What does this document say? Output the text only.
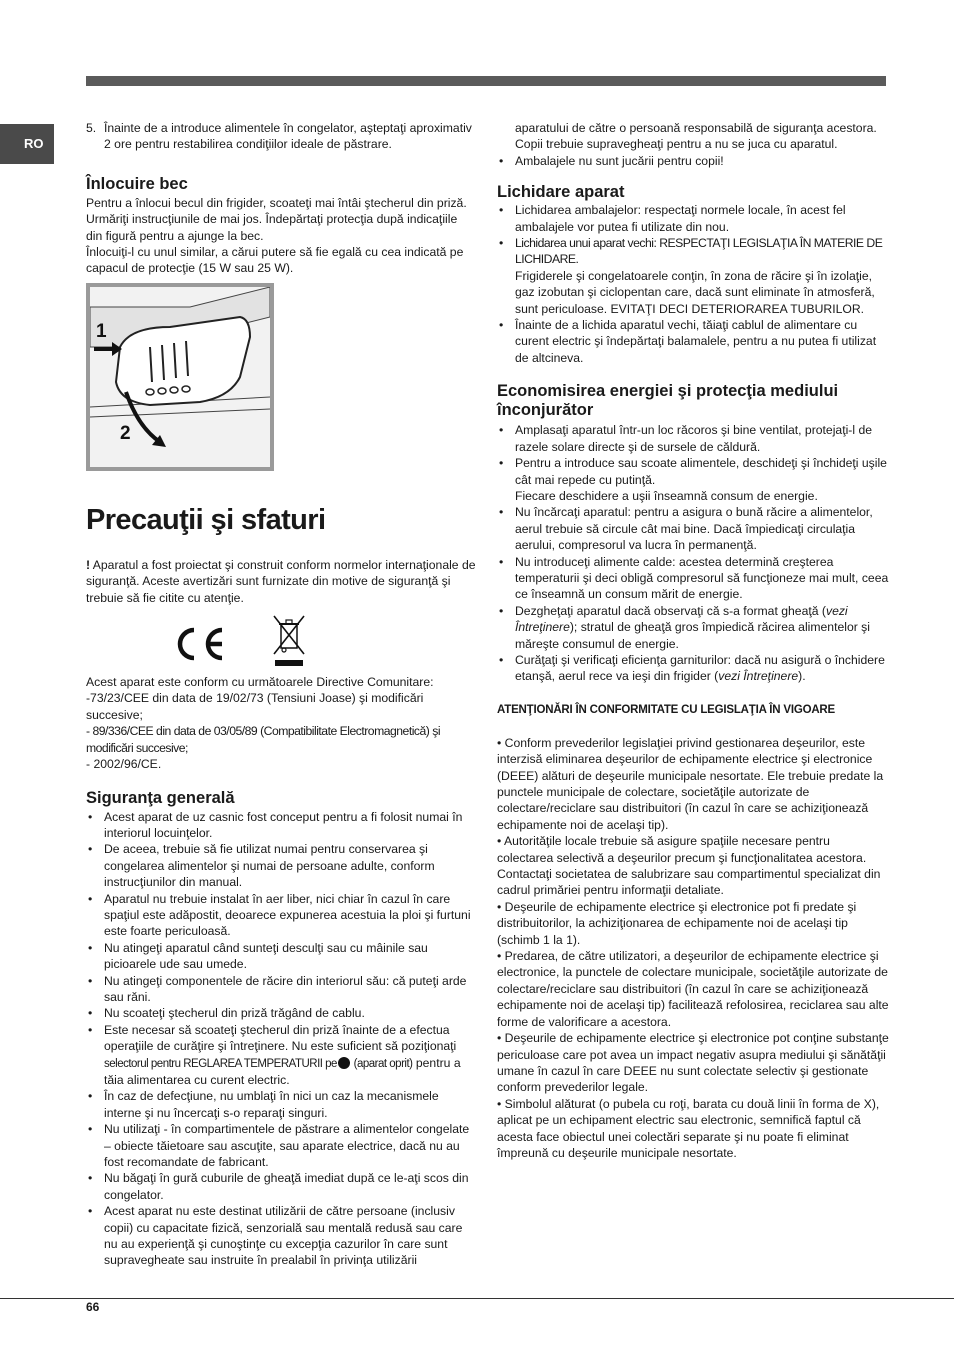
RO

5. Înainte de a introduce alimentele în congelator, aşteptaţi aproximativ 2 ore pentru restabilirea condiţiilor ideale de păstrare.

Înlocuire bec

Pentru a înlocui becul din frigider, scoateţi mai întâi ştecherul din priză. Urmăriţi instrucţiunile de mai jos. Îndepărtaţi protecţia după indicaţiile din figură pentru a ajunge la bec.

Înlocuiţi-l cu unul similar, a cărui putere să fie egală cu cea indicată pe capacul de protecţie (15 W sau 25 W).

1
2
Precauţii şi sfaturi

! Aparatul a fost proiectat şi construit conform normelor internaţionale de siguranţă. Aceste avertizări sunt furnizate din motive de siguranţă şi trebuie să fie citite cu atenţie.

Acest aparat este conform cu următoarele Directive Comunitare:

-73/23/CEE din data de 19/02/73 (Tensiuni Joase) şi modificări succesive;

- 89/336/CEE din data de 03/05/89 (Compatibilitate Electromagnetică) şi modificări succesive;

- 2002/96/CE.

Siguranţa generală
• Acest aparat de uz casnic fost conceput pentru a fi folosit numai în interiorul locuinţelor.
• De aceea, trebuie să fie utilizat numai pentru conservarea şi congelarea alimentelor şi numai de persoane adulte, conform instrucţiunilor din manual.
• Aparatul nu trebuie instalat în aer liber, nici chiar în cazul în care spaţiul este adăpostit, deoarece expunerea acestuia la ploi şi furtuni este foarte periculoasă.
• Nu atingeţi aparatul când sunteţi desculţi sau cu mâinile sau picioarele ude sau umede.
• Nu atingeţi componentele de răcire din interiorul său: că puteţi arde sau răni.
• Nu scoateţi ştecherul din priză trăgând de cablu.
• Este necesar să scoateţi ştecherul din priză înainte de a efectua operaţiile de curăţire şi întreţinere. Nu este suficient să poziţionaţi selectorul pentru REGLAREA TEMPERATURII pe (aparat oprit) pentru a tăia alimentarea cu curent electric.
• În caz de defecţiune, nu umblaţi în nici un caz la mecanismele interne şi nu încercaţi s-o reparaţi singuri.
• Nu utilizaţi - în compartimentele de păstrare a alimentelor congelate – obiecte tăietoare sau ascuţite, sau aparate electrice, dacă nu au fost recomandate de fabricant.
• Nu băgaţi în gură cuburile de gheaţă imediat după ce le-aţi scos din congelator.
• Acest aparat nu este destinat utilizării de către persoane (inclusiv copii) cu capacitate fizică, senzorială sau mentală redusă sau care nu au experienţă şi cunoştinţe cu excepţia cazurilor în care sunt supravegheate sau instruite în prealabil în privinţa utilizării

aparatului de către o persoană responsabilă de siguranţa acestora. Copii trebuie supravegheaţi pentru a nu se juca cu aparatul.

• Ambalajele nu sunt jucării pentru copii!
Lichidare aparat
• Lichidarea ambalajelor: respectaţi normele locale, în acest fel ambalajele vor putea fi utilizate din nou.
• Lichidarea unui aparat vechi: RESPECTAŢI LEGISLAŢIA ÎN MATERIE DE LICHIDARE.
Frigiderele şi congelatoarele conţin, în zona de răcire şi în izolaţie, gaz izobutan şi ciclopentan care, dacă sunt eliminate în atmosferă, sunt periculoase. EVITAŢI DECI DETERIORAREA TUBURILOR.
• Înainte de a lichida aparatul vechi, tăiaţi cablul de alimentare cu curent electric şi îndepărtaţi balamalele, pentru a nu putea fi utilizat de altcineva.
Economisirea energiei şi protecţia mediului înconjurător
• Amplasaţi aparatul într-un loc răcoros şi bine ventilat, protejaţi-l de razele solare directe şi de sursele de căldură.
• Pentru a introduce sau scoate alimentele, deschideţi şi închideţi uşile cât mai repede cu putinţă.
Fiecare deschidere a uşii înseamnă consum de energie.
• Nu încărcaţi aparatul: pentru a asigura o bună răcire a alimentelor, aerul trebuie să circule cât mai bine. Dacă împiedicaţi circulaţia aerului, compresorul va lucra în permanenţă.
• Nu introduceţi alimente calde: acestea determină creşterea temperaturii şi deci obligă compresorul să funcţioneze mai mult, ceea ce înseamnă un consum mărit de energie.
• Dezgheţaţi aparatul dacă observaţi că s-a format gheaţă (vezi Întreţinere); stratul de gheaţă gros împiedică răcirea alimentelor şi măreşte consumul de energie.
• Curăţaţi şi verificaţi eficienţa garniturilor: dacă nu asigură o închidere etanşă, aerul rece va ieşi din frigider (vezi Întreţinere).
ATENŢIONĂRI ÎN CONFORMITATE CU LEGISLAŢIA ÎN VIGOARE

• Conform prevederilor legislaţiei privind gestionarea deşeurilor, este interzisă eliminarea deşeurilor de echipamente electrice şi electronice (DEEE) alături de deşeurile municipale nesortate. Ele trebuie predate la punctele municipale de colectare, societăţile autorizate de colectare/reciclare sau distribuitori (în cazul în care se achiziţionează echipamente noi de acelaşi tip).

• Autorităţile locale trebuie să asigure spaţiile necesare pentru colectarea selectivă a deşeurilor precum şi funcţionalitatea acestora. Contactaţi societatea de salubrizare sau compartimentul specializat din cadrul primăriei pentru informaţii detaliate.

• Deşeurile de echipamente electrice şi electronice pot fi predate şi distribuitorilor, la achiziţionarea de echipamente noi de acelaşi tip (schimb 1 la 1).

• Predarea, de către utilizatori, a deşeurilor de echipamente electrice şi electronice, la punctele de colectare municipale, societăţile autorizate de colectare/reciclare sau distribuitori (în cazul în care se achiziţionează echipamente noi de acelaşi tip) facilitează refolosirea, reciclarea sau alte forme de valorificare a acestora.

• Deşeurile de echipamente electrice şi electronice pot conţine substanţe periculoase care pot avea un impact negativ asupra mediului şi sănătăţii umane în cazul în care DEEE nu sunt colectate selectiv şi gestionate conform prevederilor legale.

• Simbolul alăturat (o pubela cu roţi, barata cu două linii în forma de X), aplicat pe un echipament electric sau electronic, semnifică faptul că acesta face obiectul unei colectări separate şi nu poate fi eliminat împreună cu deşeurile municipale nesortate.

66
